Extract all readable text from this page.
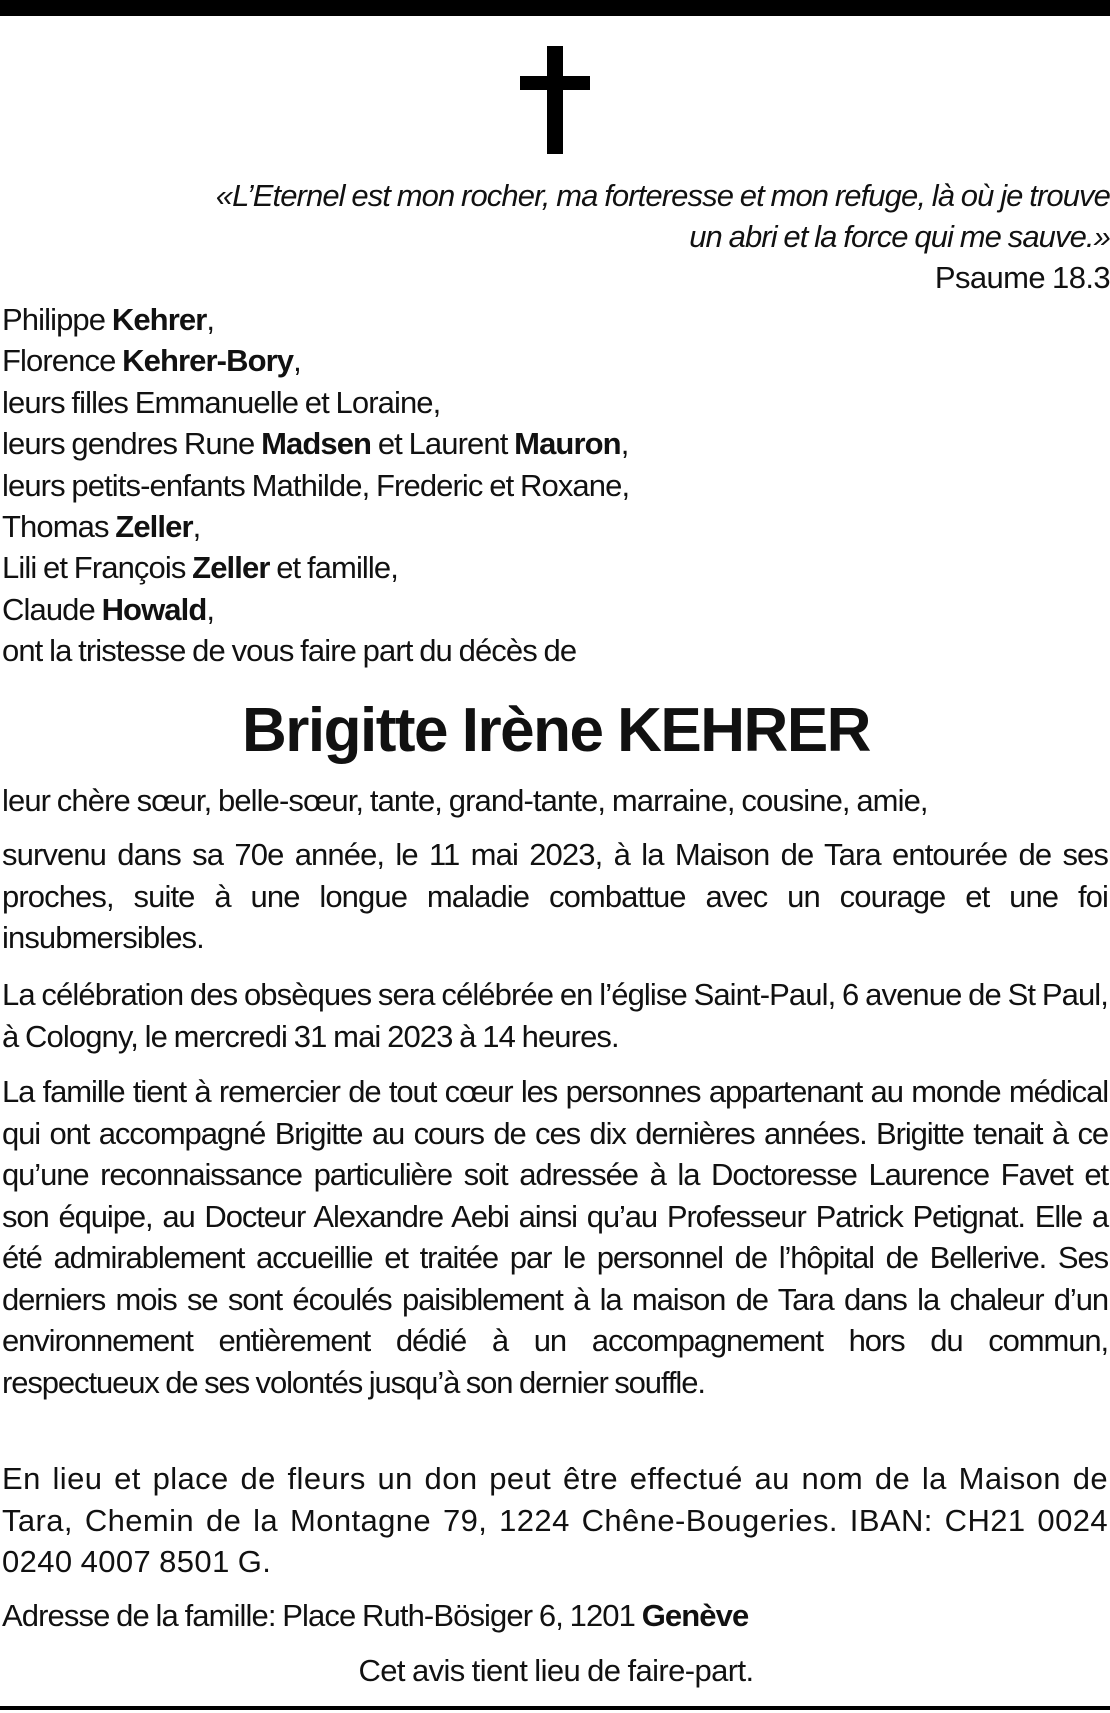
«L’Eternel est mon rocher, ma forteresse et mon refuge, là où je trouve
un abri et la force qui me sauve.»
Psaume 18.3
Philippe Kehrer,
Florence Kehrer-Bory,
leurs filles Emmanuelle et Loraine,
leurs gendres Rune Madsen et Laurent Mauron,
leurs petits-enfants Mathilde, Frederic et Roxane,
Thomas Zeller,
Lili et François Zeller et famille,
Claude Howald,
ont la tristesse de vous faire part du décès de
Brigitte Irène KEHRER
leur chère sœur, belle-sœur, tante, grand-tante, marraine, cousine, amie,
survenu dans sa 70e année, le 11 mai 2023, à la Maison de Tara entourée de ses proches, suite à une longue maladie combattue avec un courage et une foi insubmersibles.
La célébration des obsèques sera célébrée en l’église Saint-Paul, 6 avenue de St Paul, à Cologny, le mercredi 31 mai 2023 à 14 heures.
La famille tient à remercier de tout cœur les personnes appartenant au monde médical qui ont accompagné Brigitte au cours de ces dix dernières années. Brigitte tenait à ce qu’une reconnaissance particulière soit adressée à la Doctoresse Laurence Favet et son équipe, au Docteur Alexandre Aebi ainsi qu’au Professeur Patrick Petignat. Elle a été admirablement accueillie et traitée par le personnel de l’hôpital de Bellerive. Ses derniers mois se sont écoulés paisiblement à la maison de Tara dans la chaleur d’un environnement entièrement dédié à un accompagnement hors du commun, respectueux de ses volontés jusqu’à son dernier souffle.
En lieu et place de fleurs un don peut être effectué au nom de la Maison de Tara, Chemin de la Montagne 79, 1224 Chêne-Bougeries. IBAN: CH21 0024 0240 4007 8501 G.
Adresse de la famille: Place Ruth-Bösiger 6, 1201 Genève
Cet avis tient lieu de faire-part.
